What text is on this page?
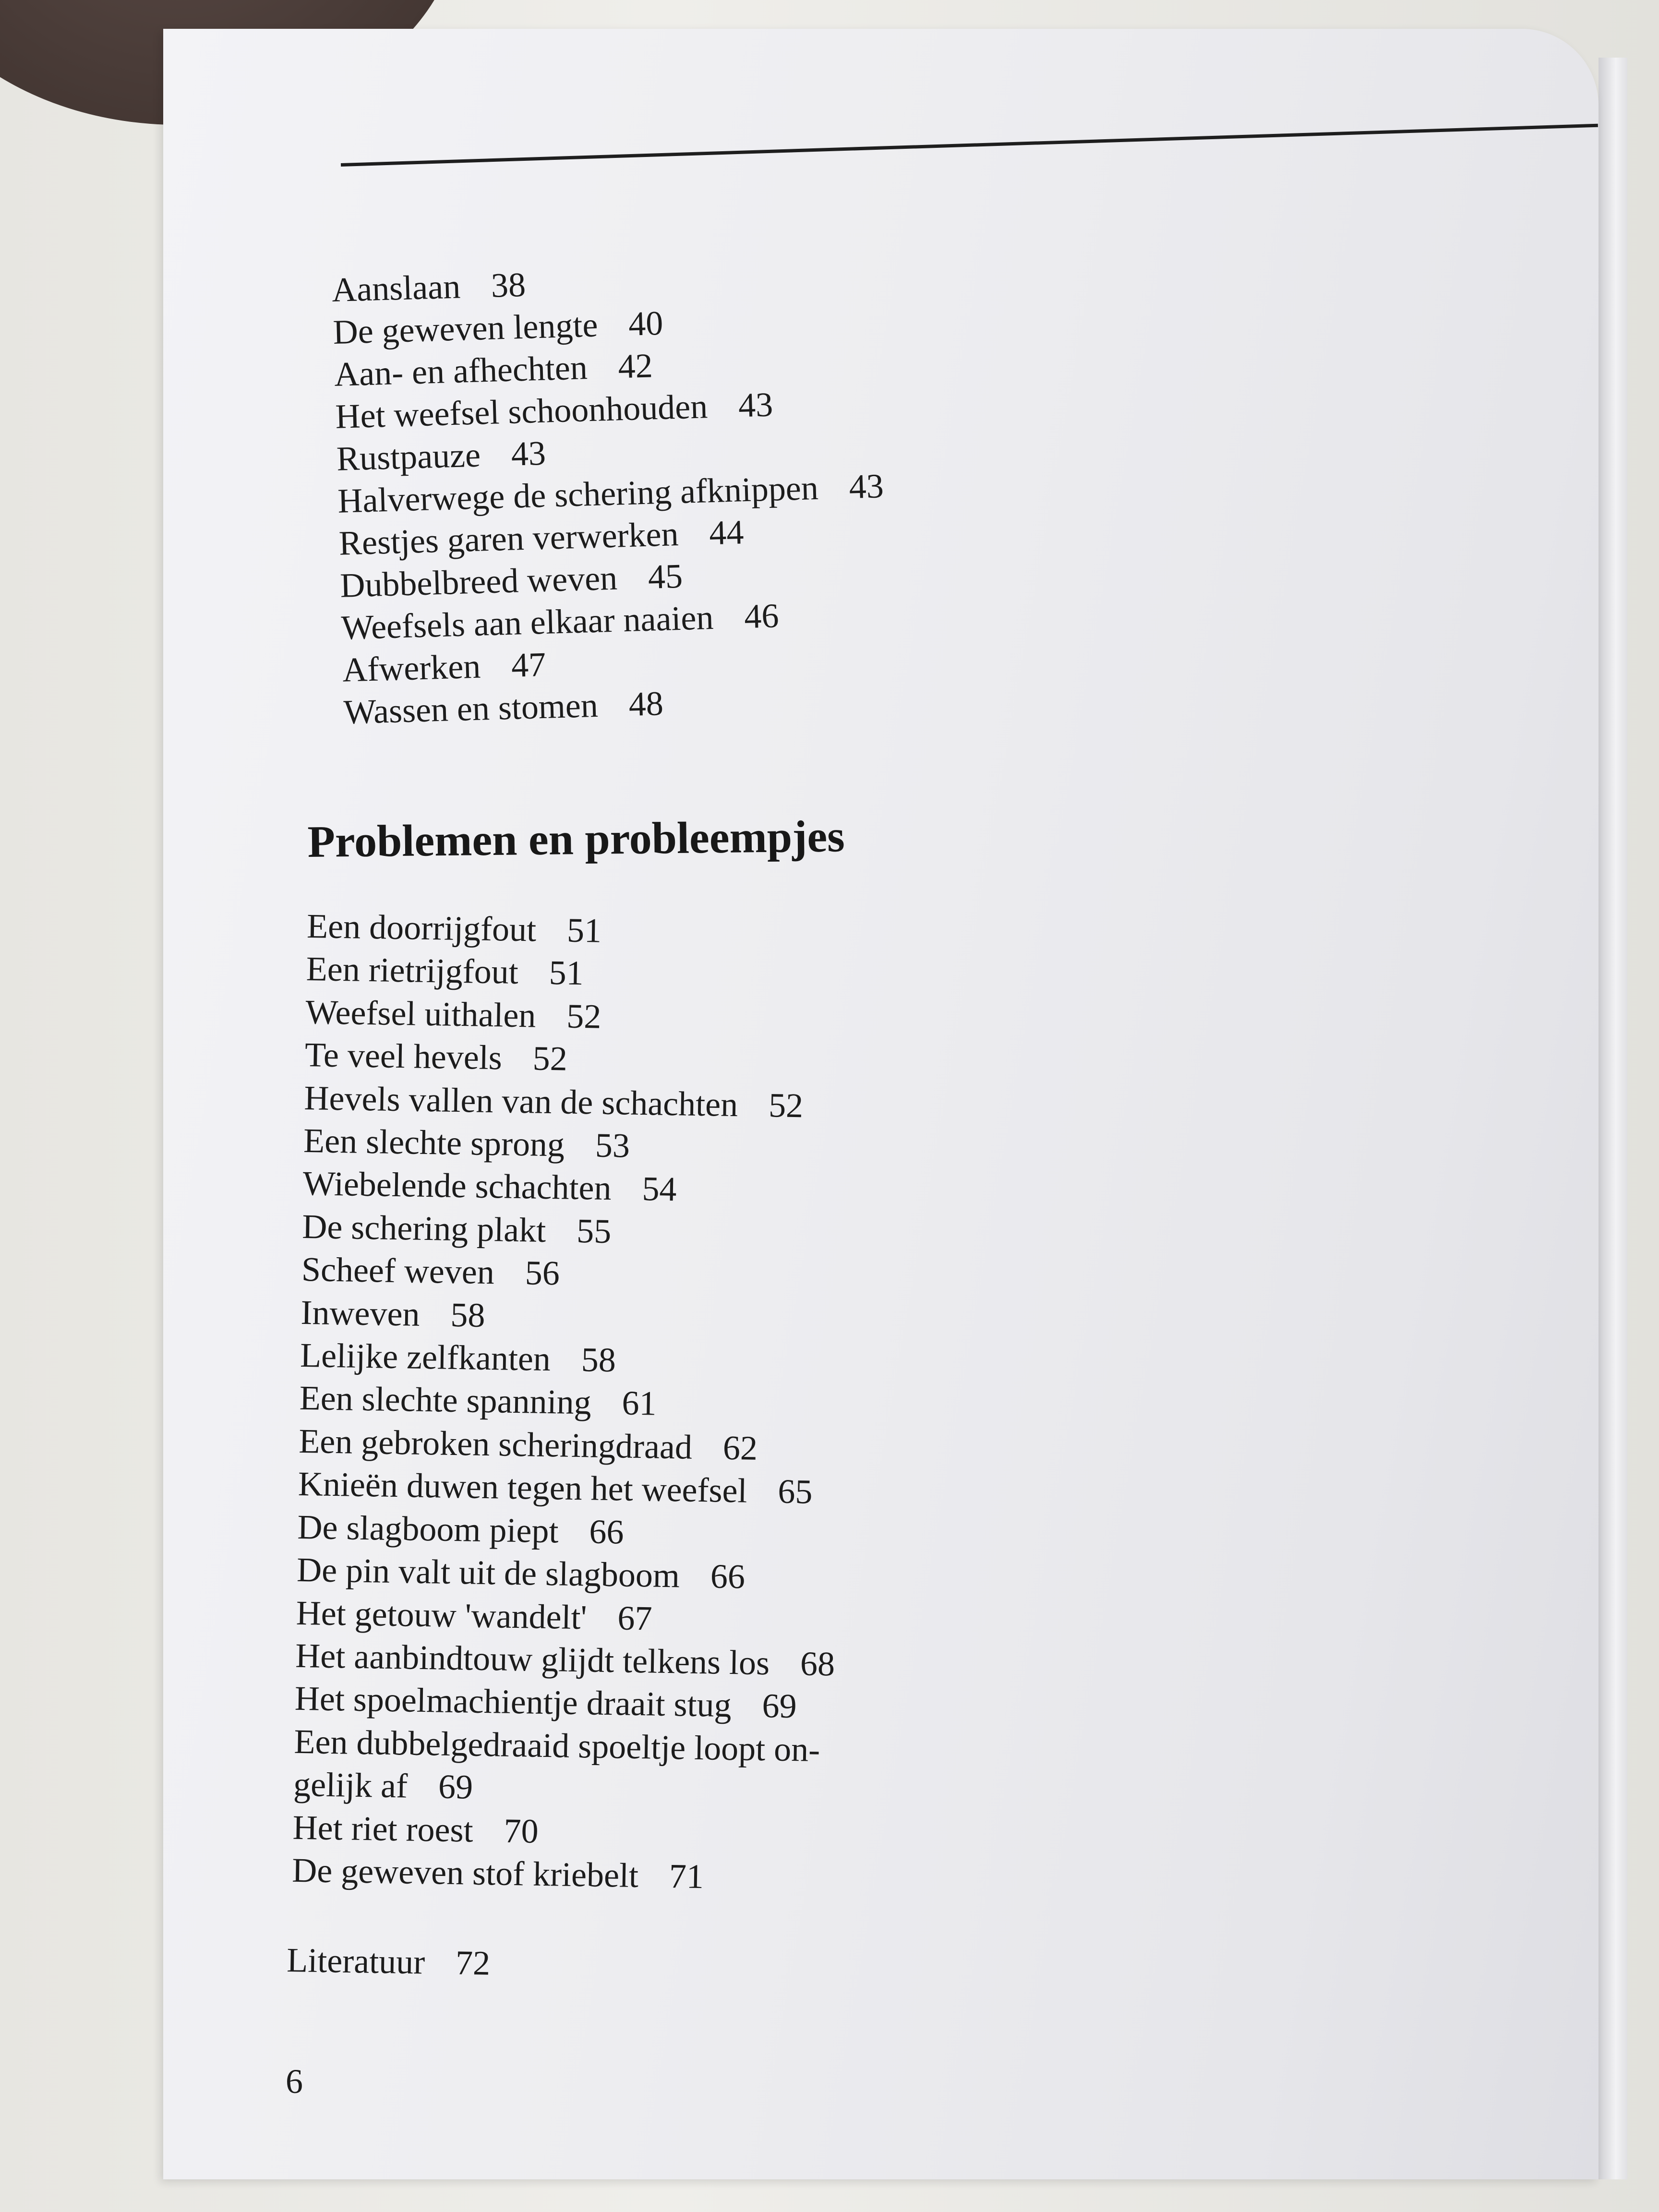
Aanslaan 38
De geweven lengte 40
Aan- en afhechten 42
Het weefsel schoonhouden 43
Rustpauze 43
Halverwege de schering afknippen 43
Restjes garen verwerken 44
Dubbelbreed weven 45
Weefsels aan elkaar naaien 46
Afwerken 47
Wassen en stomen 48
Problemen en probleempjes
Een doorrijgfout 51
Een rietrijgfout 51
Weefsel uithalen 52
Te veel hevels 52
Hevels vallen van de schachten 52
Een slechte sprong 53
Wiebelende schachten 54
De schering plakt 55
Scheef weven 56
Inweven 58
Lelijke zelfkanten 58
Een slechte spanning 61
Een gebroken scheringdraad 62
Knieën duwen tegen het weefsel 65
De slagboom piept 66
De pin valt uit de slagboom 66
Het getouw 'wandelt' 67
Het aanbindtouw glijdt telkens los 68
Het spoelmachientje draait stug 69
Een dubbelgedraaid spoeltje loopt on-
gelijk af 69
Het riet roest 70
De geweven stof kriebelt 71
Literatuur 72
6
